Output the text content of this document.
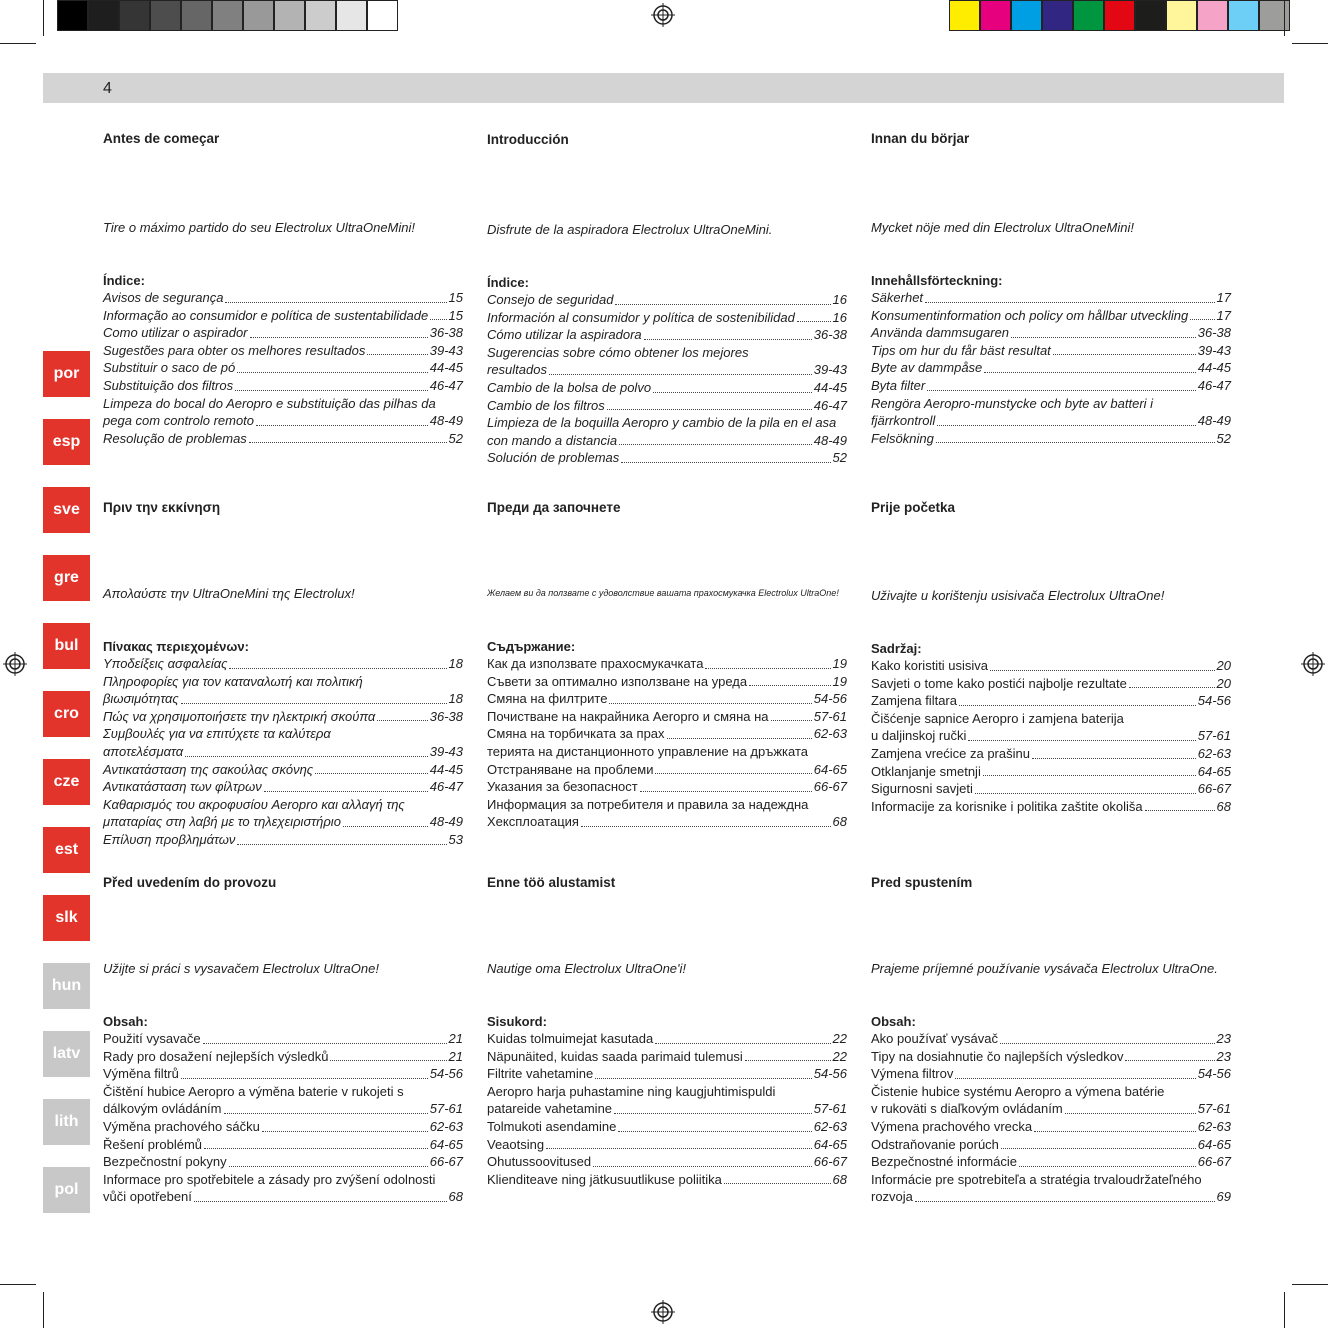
4
por
esp
sve
gre
bul
cro
cze
est
slk
hun
latv
lith
pol
Antes de começar
Tire o máximo partido do seu Electrolux UltraOneMini!
Índice:
Avisos de segurança	15
Informação ao consumidor e política de sustentabilidade 15
Como utilizar o aspirador	36-38
Sugestões para obter os melhores resultados	39-43
Substituir o saco de pó	44-45
Substituição dos filtros	46-47
Limpeza do bocal do Aeropro e substituição das pilhas da
pega com controlo remoto	48-49
Resolução de problemas	52
Introducción
Disfrute de la aspiradora Electrolux UltraOneMini.
Índice:
Consejo de seguridad	16
Información al consumidor y política de sostenibilidad	16
Cómo utilizar la aspiradora	36-38
Sugerencias sobre cómo obtener los mejores
resultados	39-43
Cambio de la bolsa de polvo	44-45
Cambio de los filtros	46-47
Limpieza de la boquilla Aeropro y cambio de la pila en el asa
con mando a distancia	48-49
Solución de problemas	52
Innan du börjar
Mycket nöje med din Electrolux UltraOneMini!
Innehållsförteckning:
Säkerhet	17
Konsumentinformation och policy om hållbar utveckling 17
Använda dammsugaren	36-38
Tips om hur du får bäst resultat	39-43
Byte av dammpåse	44-45
Byta filter	46-47
Rengöra Aeropro-munstycke och byte av batteri i
fjärrkontroll	48-49
Felsökning	52
Πριν την εκκίνηση
Απολαύστε την UltraOneMini της Electrolux!
Πίνακας περιεχομένων:
Υποδείξεις ασφαλείας	18
Πληροφορίες για τον καταναλωτή και πολιτική
βιωσιμότητας	18
Πώς να χρησιμοποιήσετε την ηλεκτρική σκούπα	36-38
Συμβουλές για να επιτύχετε τα καλύτερα
αποτελέσματα	39-43
Αντικατάσταση της σακούλας σκόνης	44-45
Αντικατάσταση των φίλτρων	46-47
Καθαρισμός του ακροφυσίου Aeropro και αλλαγή της
μπαταρίας στη λαβή με το τηλεχειριστήριο	48-49
Επίλυση προβλημάτων	53
Преди да започнете
Желаем ви да ползвате с удоволствие вашата прахосмукачка Electrolux UltraOne!
Съдържание:
Как да използвате прахосмукачката	19
Съвети за оптимално използване на уреда	19
Смяна на филтрите	54-56
Почистване на накрайника Aeropro и смяна на	57-61
Смяна на торбичката за прах	62-63
терията на дистанционното управление на дръжката
Отстраняване на проблеми	64-65
Указания за безопасност	66-67
Информация за потребителя и правила за надеждна
Хексплоатация	68
Prije početka
Uživajte u korištenju usisivača Electrolux UltraOne!
Sadržaj:
Kako koristiti usisiva	20
Savjeti o tome kako postići najbolje rezultate	20
Zamjena filtara	54-56
Čišćenje sapnice Aeropro i zamjena baterija
u daljinskoj ručki	57-61
Zamjena vrećice za prašinu	62-63
Otklanjanje smetnji	64-65
Sigurnosni savjeti	66-67
Informacije za korisnike i politika zaštite okoliša	68
Před uvedením do provozu
Užijte si práci s vysavačem Electrolux UltraOne!
Obsah:
Použití vysavače	21
Rady pro dosažení nejlepších výsledků	21
Výměna filtrů	54-56
Čištění hubice Aeropro a výměna baterie v rukojeti s
dálkovým ovládáním	57-61
Výměna prachového sáčku	62-63
Řešení problémů	64-65
Bezpečnostní pokyny	66-67
Informace pro spotřebitele a zásady pro zvýšení odolnosti
vůči opotřebení	68
Enne töö alustamist
Nautige oma Electrolux UltraOne'i!
Sisukord:
Kuidas tolmuimejat kasutada	22
Näpunäited, kuidas saada parimaid tulemusi	22
Filtrite vahetamine	54-56
Aeropro harja puhastamine ning kaugjuhtimispuldi
patareide vahetamine	57-61
Tolmukoti asendamine	62-63
Veaotsing	64-65
Ohutussoovitused	66-67
Klienditeave ning jätkusuutlikuse poliitika	68
Pred spustením
Prajeme príjemné používanie vysávača Electrolux UltraOne.
Obsah:
Ako používať vysávač	23
Tipy na dosiahnutie čo najlepších výsledkov	23
Výmena filtrov	54-56
Čistenie hubice systému Aeropro a výmena batérie
v rukoväti s diaľkovým ovládaním	57-61
Výmena prachového vrecka	62-63
Odstraňovanie porúch	64-65
Bezpečnostné informácie	66-67
Informácie pre spotrebiteľa a stratégia trvaloudržateľného
rozvoja	69
